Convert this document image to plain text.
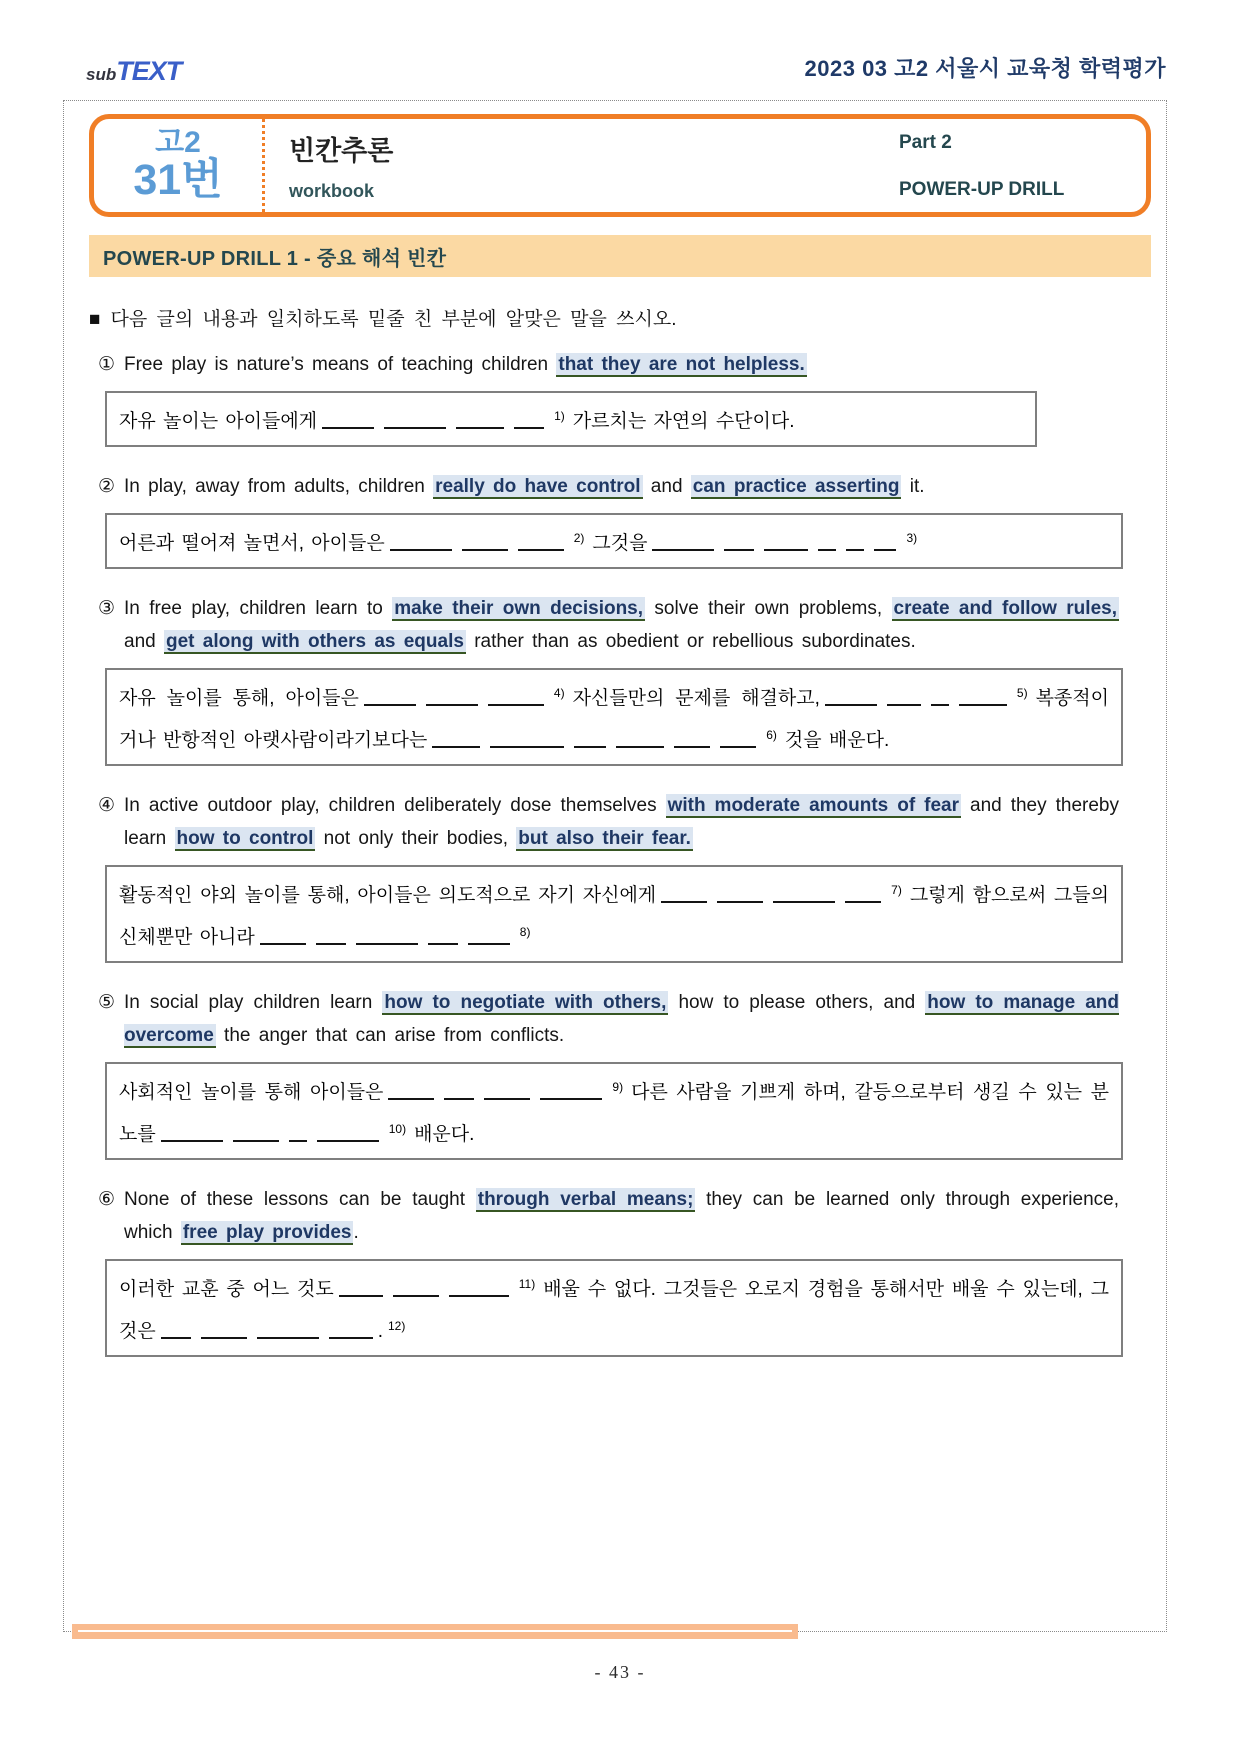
subTEXT	2023 03 고2 서울시 교육청 학력평가
고2
31번
빈칸추론
workbook
Part 2
POWER-UP DRILL
POWER-UP DRILL 1 - 중요 해석 빈칸
■ 다음 글의 내용과 일치하도록 밑줄 친 부분에 알맞은 말을 쓰시오.
① Free play is nature’s means of teaching children that they are not helpless.
자유 놀이는 아이들에게	$^{1)}$ 가르치는 자연의 수단이다.
② In play, away from adults, children really do have control and can practice asserting it.
어른과 떨어져 놀면서, 아이들은	$^{2)}$ 그것을	$^{3)}$
③ In free play, children learn to make their own decisions, solve their own problems, create and follow rules, and get along with others as equals rather than as obedient or rebellious subordinates.
자유 놀이를 통해, 아이들은	$^{4)}$ 자신들만의 문제를 해결하고,	$^{5)}$ 복종적이거나 반항적인 아랫사람이라기보다는	$^{6)}$ 것을 배운다.
④ In active outdoor play, children deliberately dose themselves with moderate amounts of fear and they thereby learn how to control not only their bodies, but also their fear.
활동적인 야외 놀이를 통해, 아이들은 의도적으로 자기 자신에게	$^{7)}$ 그렇게 함으로써 그들의 신체뿐만 아니라	$^{8)}$
⑤ In social play children learn how to negotiate with others, how to please others, and how to manage and overcome the anger that can arise from conflicts.
사회적인 놀이를 통해 아이들은	$^{9)}$ 다른 사람을 기쁘게 하며, 갈등으로부터 생길 수 있는 분노를	$^{10)}$ 배운다.
⑥ None of these lessons can be taught through verbal means; they can be learned only through experience, which free play provides .
이러한 교훈 중 어느 것도	$^{11)}$ 배울 수 없다. 그것들은 오로지 경험을 통해서만 배울 수 있는데, 그것은	. $^{12)}$
- 43 -
